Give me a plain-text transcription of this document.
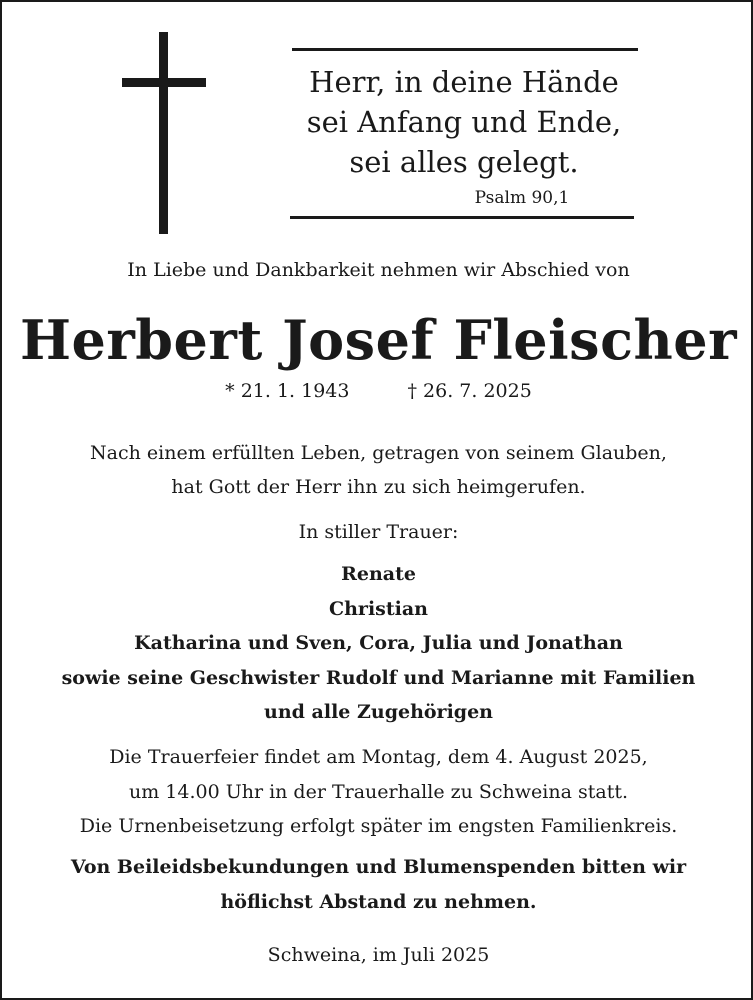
Herr, in deine Hände
sei Anfang und Ende,
sei alles gelegt.
Psalm 90,1
In Liebe und Dankbarkeit nehmen wir Abschied von
Herbert Josef Fleischer
* 21. 1. 1943	† 26. 7. 2025
Nach einem erfüllten Leben, getragen von seinem Glauben,
hat Gott der Herr ihn zu sich heimgerufen.
In stiller Trauer:
Renate
Christian
Katharina und Sven, Cora, Julia und Jonathan
sowie seine Geschwister Rudolf und Marianne mit Familien
und alle Zugehörigen
Die Trauerfeier findet am Montag, dem 4. August 2025,
um 14.00 Uhr in der Trauerhalle zu Schweina statt.
Die Urnenbeisetzung erfolgt später im engsten Familienkreis.
Von Beileidsbekundungen und Blumenspenden bitten wir
höflichst Abstand zu nehmen.
Schweina, im Juli 2025
